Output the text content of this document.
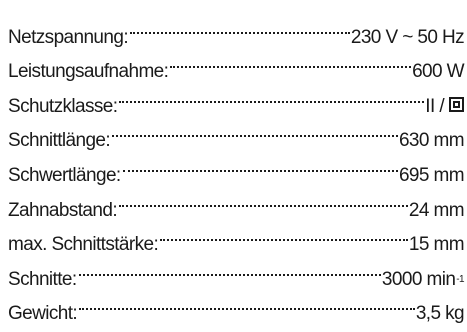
Netzspannung:	230 V ~ 50 Hz
Leistungsaufnahme:	600 W
Schutzklasse:	II /
Schnittlänge:	630 mm
Schwertlänge:	695 mm
Zahnabstand:	24 mm
max. Schnittstärke:	15 mm
Schnitte:	3000 $\min^{-1}$
Gewicht:	3,5 kg
